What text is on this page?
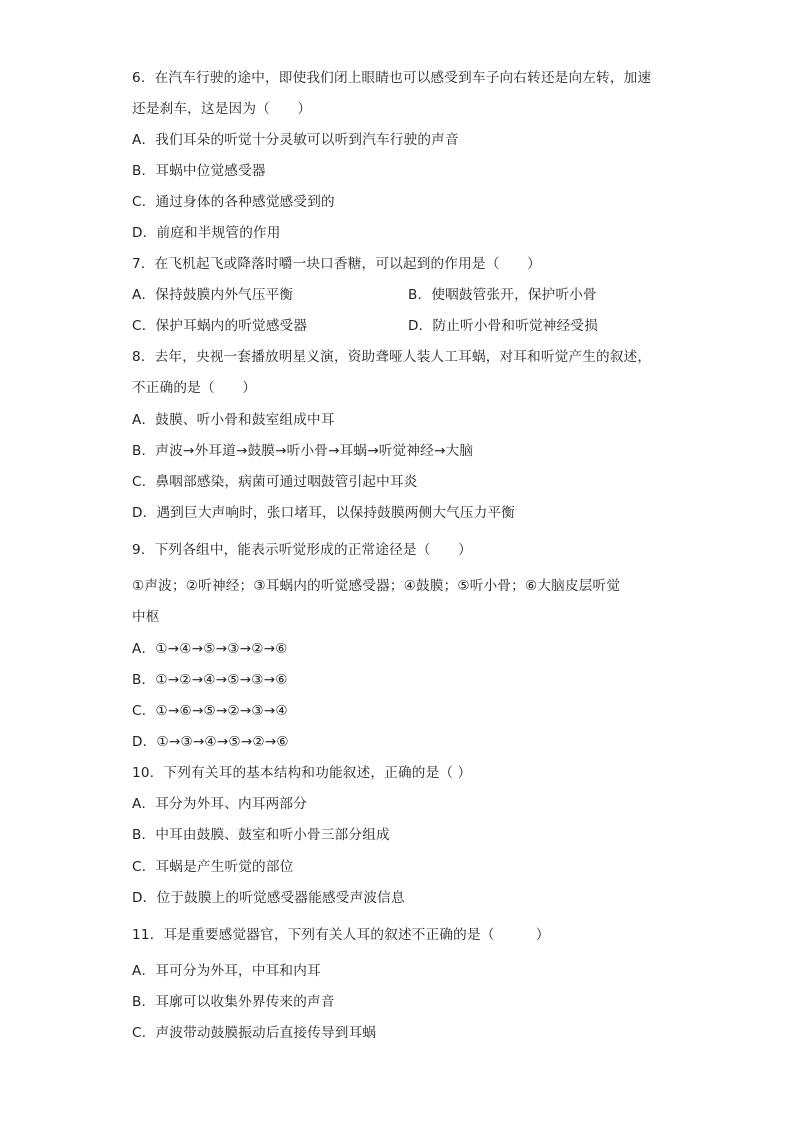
6．在汽车行驶的途中，即使我们闭上眼睛也可以感受到车子向右转还是向左转，加速
还是刹车，这是因为（　　）
A．我们耳朵的听觉十分灵敏可以听到汽车行驶的声音
B．耳蜗中位觉感受器
C．通过身体的各种感觉感受到的
D．前庭和半规管的作用
7．在飞机起飞或降落时嚼一块口香糖，可以起到的作用是（　　）
A．保持鼓膜内外气压平衡	B．使咽鼓管张开，保护听小骨
C．保护耳蜗内的听觉感受器	D．防止听小骨和听觉神经受损
8．去年，央视一套播放明星义演，资助聋哑人装人工耳蜗，对耳和听觉产生的叙述，
不正确的是（　　）
A．鼓膜、听小骨和鼓室组成中耳
B．声波→外耳道→鼓膜→听小骨→耳蜗→听觉神经→大脑
C．鼻咽部感染，病菌可通过咽鼓管引起中耳炎
D．遇到巨大声响时，张口堵耳，以保持鼓膜两侧大气压力平衡
9．下列各组中，能表示听觉形成的正常途径是（　　）
①声波；②听神经；③耳蜗内的听觉感受器；④鼓膜；⑤听小骨；⑥大脑皮层听觉
中枢
A．①→④→⑤→③→②→⑥
B．①→②→④→⑤→③→⑥
C．①→⑥→⑤→②→③→④
D．①→③→④→⑤→②→⑥
10．下列有关耳的基本结构和功能叙述，正确的是（ ）
A．耳分为外耳、内耳两部分
B．中耳由鼓膜、鼓室和听小骨三部分组成
C．耳蜗是产生听觉的部位
D．位于鼓膜上的听觉感受器能感受声波信息
11．耳是重要感觉器官，下列有关人耳的叙述不正确的是（　　　）
A．耳可分为外耳，中耳和内耳
B．耳廓可以收集外界传来的声音
C．声波带动鼓膜振动后直接传导到耳蜗
